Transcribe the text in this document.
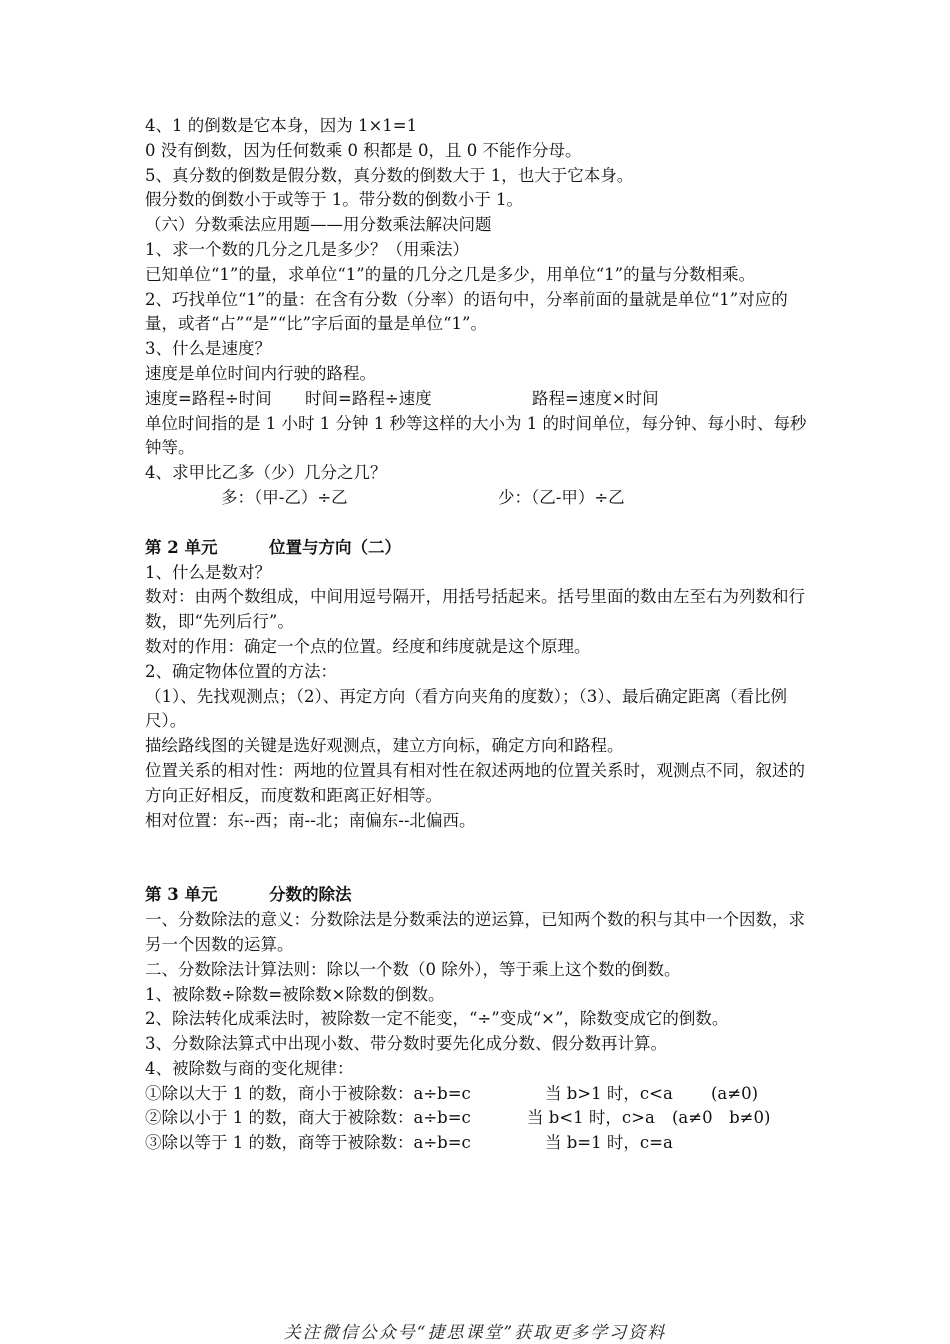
4、1 的倒数是它本身，因为 1×1=1
0 没有倒数，因为任何数乘 0 积都是 0，且 0 不能作分母。
5、真分数的倒数是假分数，真分数的倒数大于 1，也大于它本身。
假分数的倒数小于或等于 1。带分数的倒数小于 1。
（六）分数乘法应用题——用分数乘法解决问题
1、求一个数的几分之几是多少？（用乘法）
已知单位“1”的量，求单位“1”的量的几分之几是多少，用单位“1”的量与分数相乘。
2、巧找单位“1”的量：在含有分数（分率）的语句中，分率前面的量就是单位“1”对应的量，或者“占”“是”“比”字后面的量是单位“1”。
3、什么是速度？
速度是单位时间内行驶的路程。
速度=路程÷时间 时间=路程÷速度	路程=速度×时间
单位时间指的是 1 小时 1 分钟 1 秒等这样的大小为 1 的时间单位，每分钟、每小时、每秒钟等。
4、求甲比乙多（少）几分之几？
多：（甲-乙）÷乙	少：（乙-甲）÷乙
第 2 单元	位置与方向（二）
1、什么是数对？
数对：由两个数组成，中间用逗号隔开，用括号括起来。括号里面的数由左至右为列数和行数，即“先列后行”。
数对的作用：确定一个点的位置。经度和纬度就是这个原理。
2、确定物体位置的方法：
（1）、先找观测点；（2）、再定方向（看方向夹角的度数）；（3）、最后确定距离（看比例尺）。
描绘路线图的关键是选好观测点，建立方向标，确定方向和路程。
位置关系的相对性：两地的位置具有相对性在叙述两地的位置关系时，观测点不同，叙述的方向正好相反，而度数和距离正好相等。
相对位置：东--西；南--北；南偏东--北偏西。
第 3 单元	分数的除法
一、分数除法的意义：分数除法是分数乘法的逆运算，已知两个数的积与其中一个因数，求另一个因数的运算。
二、分数除法计算法则：除以一个数（0 除外），等于乘上这个数的倒数。
1、被除数÷除数=被除数×除数的倒数。
2、除法转化成乘法时，被除数一定不能变，“÷”变成“×”，除数变成它的倒数。
3、分数除法算式中出现小数、带分数时要先化成分数、假分数再计算。
4、被除数与商的变化规律：
①除以大于 1 的数，商小于被除数：a÷b=c	当 b>1 时，c<a (a≠0)
②除以小于 1 的数，商大于被除数：a÷b=c	当 b<1 时，c>a (a≠0　b≠0)
③除以等于 1 的数，商等于被除数：a÷b=c	当 b=1 时，c=a
关注微信公众号“捷思课堂”获取更多学习资料
